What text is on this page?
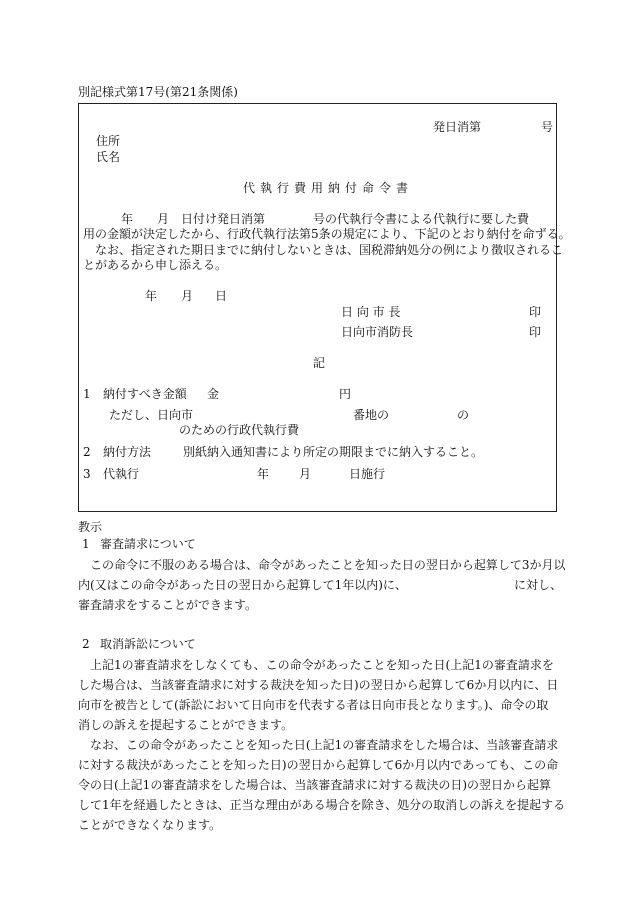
別記様式第17号(第21条関係)
発日消第	号
住所
氏名
代執行費用納付命令書
年 月 日付け発日消第	号の代執行令書による代執行に要した費
用の金額が決定したから、行政代執行法第5条の規定により、下記のとおり納付を命ずる。
なお、指定された期日までに納付しないときは、国税滞納処分の例により徴収されるこ
とがあるから申し添える。
年 月 日
日 向 市 長	印
日向市消防長	印
記
1 納付すべき金額 金	円
ただし、日向市	番地の	の
のための行政代執行費
2 納付方法	別紙納入通知書により所定の期限までに納入すること。
3 代執行	年 月	日施行
教示
1 審査請求について
この命令に不服のある場合は、命令があったことを知った日の翌日から起算して3か月以
内(又はこの命令があった日の翌日から起算して1年以内)に、	に対し、
審査請求をすることができます。
2 取消訴訟について
上記1の審査請求をしなくても、この命令があったことを知った日(上記1の審査請求を
した場合は、当該審査請求に対する裁決を知った日)の翌日から起算して6か月以内に、日
向市を被告として(訴訟において日向市を代表する者は日向市長となります。)、命令の取
消しの訴えを提起することができます。
なお、この命令があったことを知った日(上記1の審査請求をした場合は、当該審査請求
に対する裁決があったことを知った日)の翌日から起算して6か月以内であっても、この命
令の日(上記1の審査請求をした場合は、当該審査請求に対する裁決の日)の翌日から起算
して1年を経過したときは、正当な理由がある場合を除き、処分の取消しの訴えを提起する
ことができなくなります。
